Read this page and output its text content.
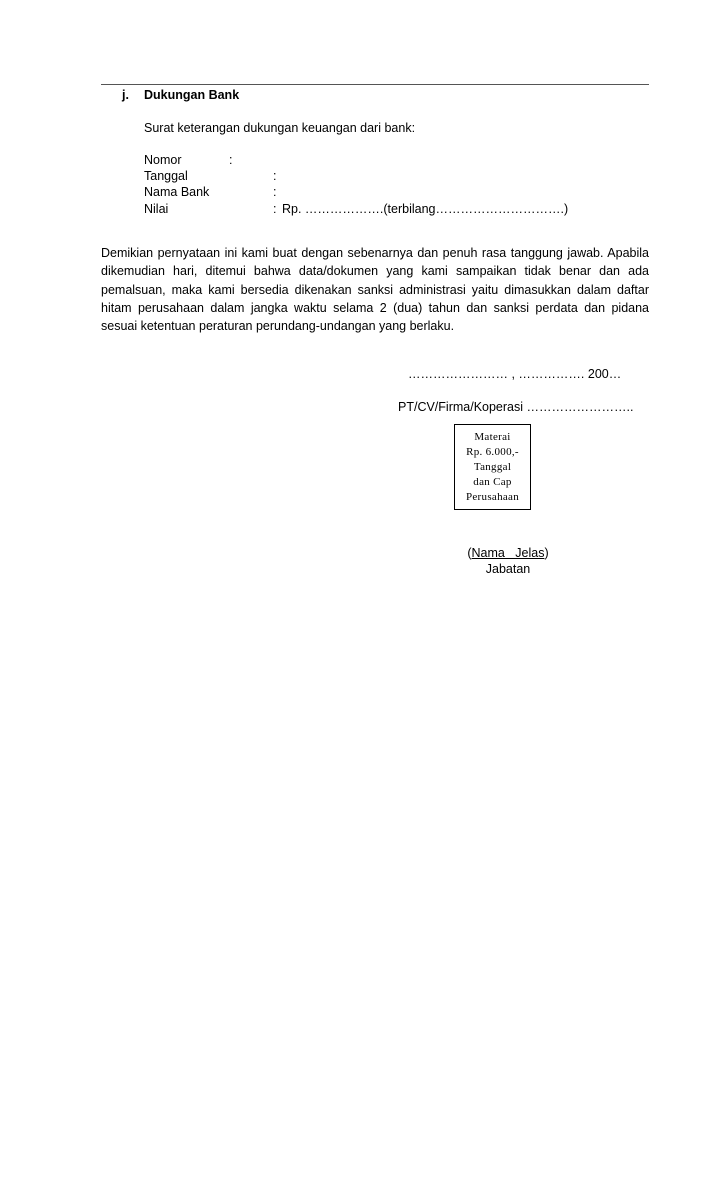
j. Dukungan Bank
Surat keterangan dukungan keuangan dari bank:
Nomor	:
Tanggal	:
Nama Bank	:
Nilai	: Rp. ……………….(terbilang………………………….)
Demikian pernyataan ini kami buat dengan sebenarnya dan penuh rasa tanggung jawab. Apabila dikemudian hari, ditemui bahwa data/dokumen yang kami sampaikan tidak benar dan ada pemalsuan, maka kami bersedia dikenakan sanksi administrasi yaitu dimasukkan dalam daftar hitam perusahaan dalam jangka waktu selama 2 (dua) tahun dan sanksi perdata dan pidana sesuai ketentuan peraturan perundang-undangan yang berlaku.
…………………… , ……………. 200…
PT/CV/Firma/Koperasi ……………………..
Materai
Rp. 6.000,-
Tanggal
dan Cap
Perusahaan
(Nama   Jelas)
Jabatan
